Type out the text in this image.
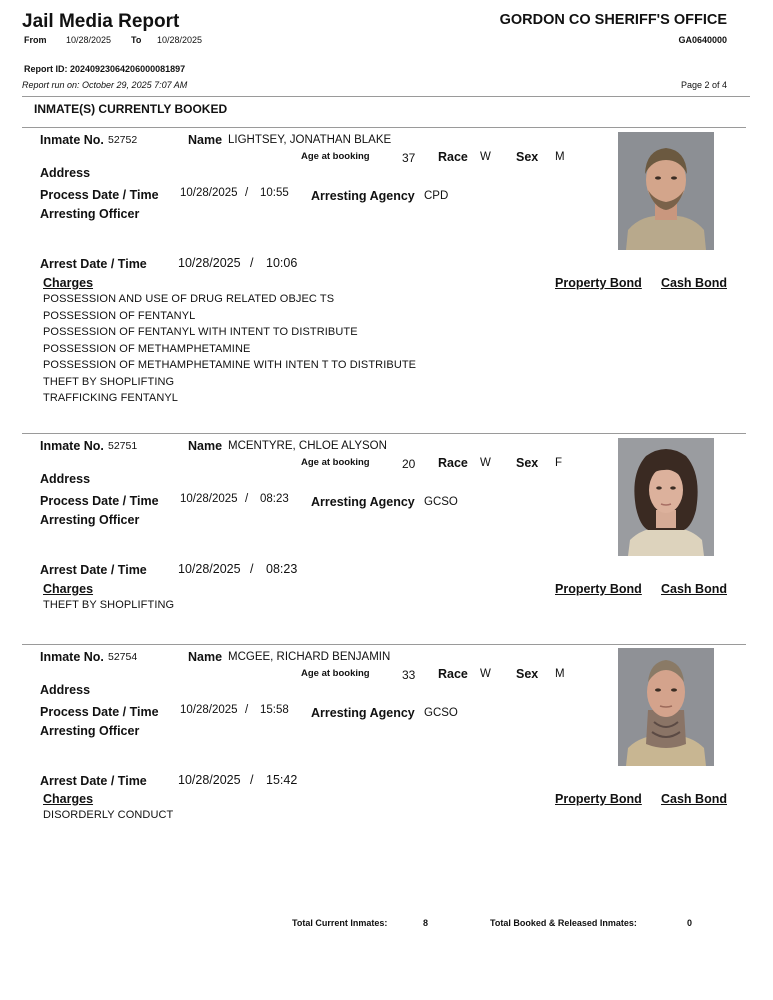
Jail Media Report
From 10/28/2025 To 10/28/2025
GORDON CO SHERIFF'S OFFICE
GA0640000
Report ID: 20240923064206000081897
Report run on: October 29, 2025 7:07 AM	Page 2 of 4
INMATE(S) CURRENTLY BOOKED
Inmate No. 52752	Name LIGHTSEY, JONATHAN BLAKE
Age at booking	37 Race W Sex M
Address
Process Date / Time 10/28/2025 / 10:55 Arresting Agency CPD
Arresting Officer
Arrest Date / Time 10/28/2025 / 10:06
Charges	Property Bond Cash Bond
POSSESSION AND USE OF DRUG RELATED OBJEC TS
POSSESSION OF FENTANYL
POSSESSION OF FENTANYL WITH INTENT TO DISTRIBUTE
POSSESSION OF METHAMPHETAMINE
POSSESSION OF METHAMPHETAMINE WITH INTEN T TO DISTRIBUTE
THEFT BY SHOPLIFTING
TRAFFICKING FENTANYL
Inmate No. 52751	Name MCENTYRE, CHLOE ALYSON
Age at booking	20 Race W Sex F
Address
Process Date / Time 10/28/2025 / 08:23 Arresting Agency GCSO
Arresting Officer
Arrest Date / Time 10/28/2025 / 08:23
Charges	Property Bond Cash Bond
THEFT BY SHOPLIFTING
Inmate No. 52754	Name MCGEE, RICHARD BENJAMIN
Age at booking	33 Race W Sex M
Address
Process Date / Time 10/28/2025 / 15:58 Arresting Agency GCSO
Arresting Officer
Arrest Date / Time 10/28/2025 / 15:42
Charges	Property Bond Cash Bond
DISORDERLY CONDUCT
Total Current Inmates:	8	Total Booked & Released Inmates:	0
